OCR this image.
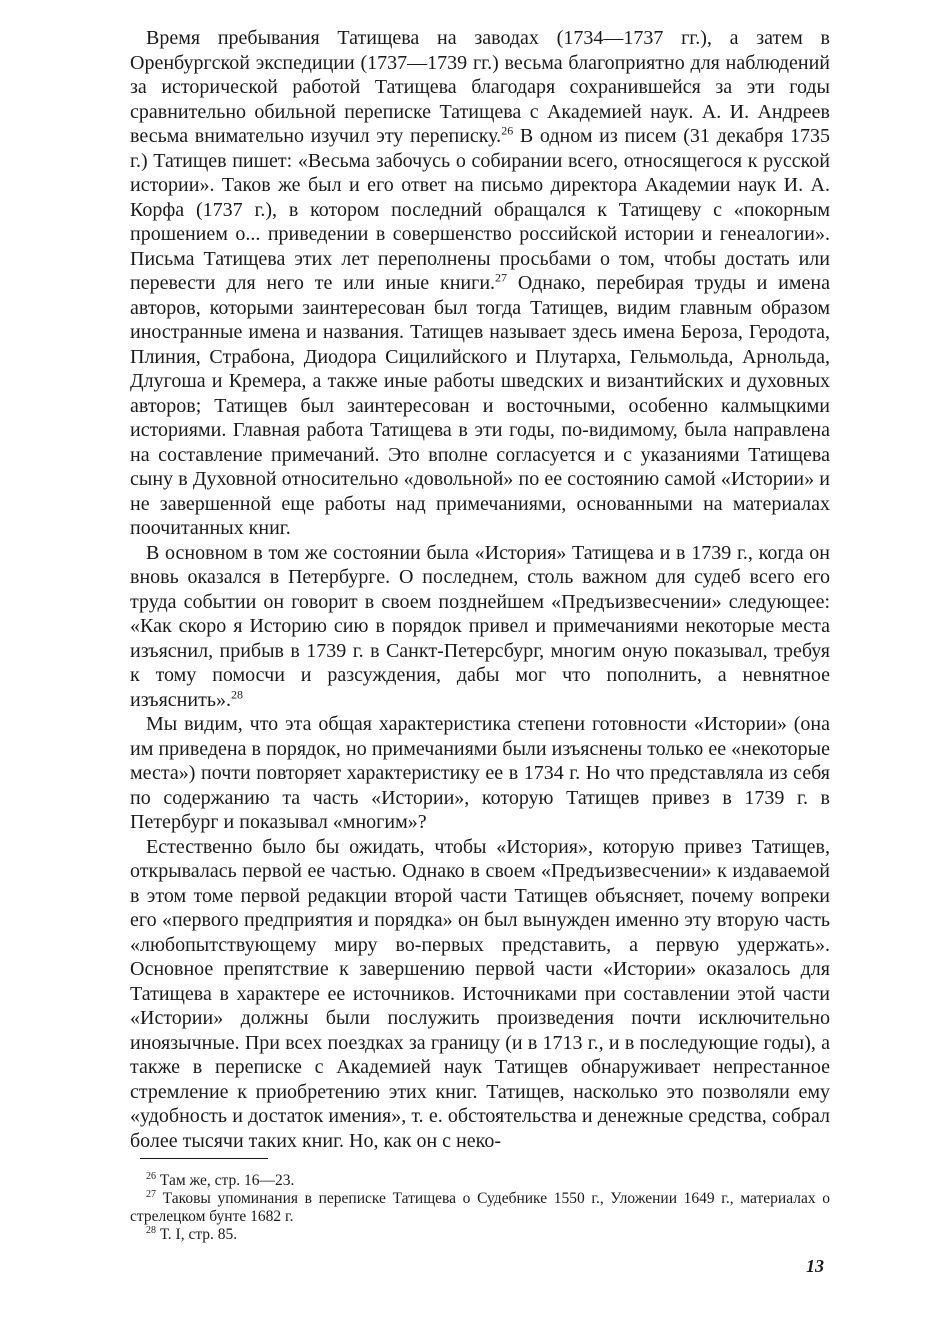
Время пребывания Татищева на заводах (1734—1737 гг.), а затем в Оренбургской экспедиции (1737—1739 гг.) весьма благоприятно для наблюдений за исторической работой Татищева благодаря сохранившейся за эти годы сравнительно обильной переписке Татищева с Академией наук. А. И. Андреев весьма внимательно изучил эту переписку.$^{26}$ В одном из писем (31 декабря 1735 г.) Татищев пишет: «Весьма забочусь о собирании всего, относящегося к русской истории». Таков же был и его ответ на письмо директора Академии наук И. А. Корфа (1737 г.), в котором последний обращался к Татищеву с «покорным прошением о... приведении в совершенство российской истории и генеалогии». Письма Татищева этих лет переполнены просьбами о том, чтобы достать или перевести для него те или иные книги.$^{27}$ Однако, перебирая труды и имена авторов, которыми заинтересован был тогда Татищев, видим главным образом иностранные имена и названия. Татищев называет здесь имена Бероза, Геродота, Плиния, Страбона, Диодора Сицилийского и Плутарха, Гельмольда, Арнольда, Длугоша и Кремера, а также иные работы шведских и византийских и духовных авторов; Татищев был заинтересован и восточными, особенно калмыцкими историями. Главная работа Татищева в эти годы, по-видимому, была направлена на составление примечаний. Это вполне согласуется и с указаниями Татищева сыну в Духовной относительно «довольной» по ее состоянию самой «Истории» и не завершенной еще работы над примечаниями, основанными на материалах поочитанных книг.

В основном в том же состоянии была «История» Татищева и в 1739 г., когда он вновь оказался в Петербурге. О последнем, столь важном для судеб всего его труда событии он говорит в своем позднейшем «Предъизвесчении» следующее: «Как скоро я Историю сию в порядок привел и примечаниями некоторые места изъяснил, прибыв в 1739 г. в Санкт-Петерсбург, многим оную показывал, требуя к тому помосчи и разсуждения, дабы мог что пополнить, а невнятное изъяснить».$^{28}$

Мы видим, что эта общая характеристика степени готовности «Истории» (она им приведена в порядок, но примечаниями были изъяснены только ее «некоторые места») почти повторяет характеристику ее в 1734 г. Но что представляла из себя по содержанию та часть «Истории», которую Татищев привез в 1739 г. в Петербург и показывал «многим»?

Естественно было бы ожидать, чтобы «История», которую привез Татищев, открывалась первой ее частью. Однако в своем «Предъизвесчении» к издаваемой в этом томе первой редакции второй части Татищев объясняет, почему вопреки его «первого предприятия и порядка» он был вынужден именно эту вторую часть «любопытствующему миру во-первых представить, а первую удержать». Основное препятствие к завершению первой части «Истории» оказалось для Татищева в характере ее источников. Источниками при составлении этой части «Истории» должны были послужить произведения почти исключительно иноязычные. При всех поездках за границу (и в 1713 г., и в последующие годы), а также в переписке с Академией наук Татищев обнаруживает непрестанное стремление к приобретению этих книг. Татищев, насколько это позволяли ему «удобность и достаток имения», т. е. обстоятельства и денежные средства, собрал более тысячи таких книг. Но, как он с неко-

$^{26}$ Там же, стр. 16—23.

$^{27}$ Таковы упоминания в переписке Татищева о Судебнике 1550 г., Уложении 1649 г., материалах о стрелецком бунте 1682 г.

$^{28}$ Т. I, стр. 85.

13
